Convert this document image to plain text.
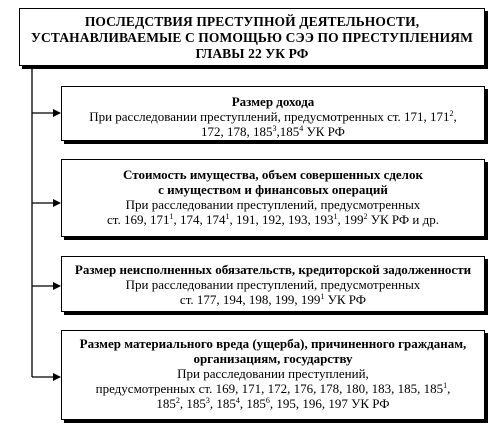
ПОСЛЕДСТВИЯ ПРЕСТУПНОЙ ДЕЯТЕЛЬНОСТИ,
УСТАНАВЛИВАЕМЫЕ С ПОМОЩЬЮ СЭЭ ПО ПРЕСТУПЛЕНИЯМ
ГЛАВЫ 22 УК РФ
Размер дохода
При расследовании преступлений, предусмотренных ст. 171, $171^2$,
172, 178, $185^3,185^4$ УК РФ
Стоимость имущества, объем совершенных сделок
с имуществом и финансовых операций
При расследовании преступлений, предусмотренных
ст. 169, $171^1$, 174, $174^1$, 191, 192, 193, $193^1$, $199^2$ УК РФ и др.
Размер неисполненных обязательств, кредиторской задолженности
При расследовании преступлений, предусмотренных
ст. 177, 194, 198, 199, $199^1$ УК РФ
Размер материального вреда (ущерба), причиненного гражданам,
организациям, государству
При расследовании преступлений,
предусмотренных ст. 169, 171, 172, 176, 178, 180, 183, 185, $185^1$,
$185^2$, $185^3$, $185^4$, $185^6$, 195, 196, 197 УК РФ
